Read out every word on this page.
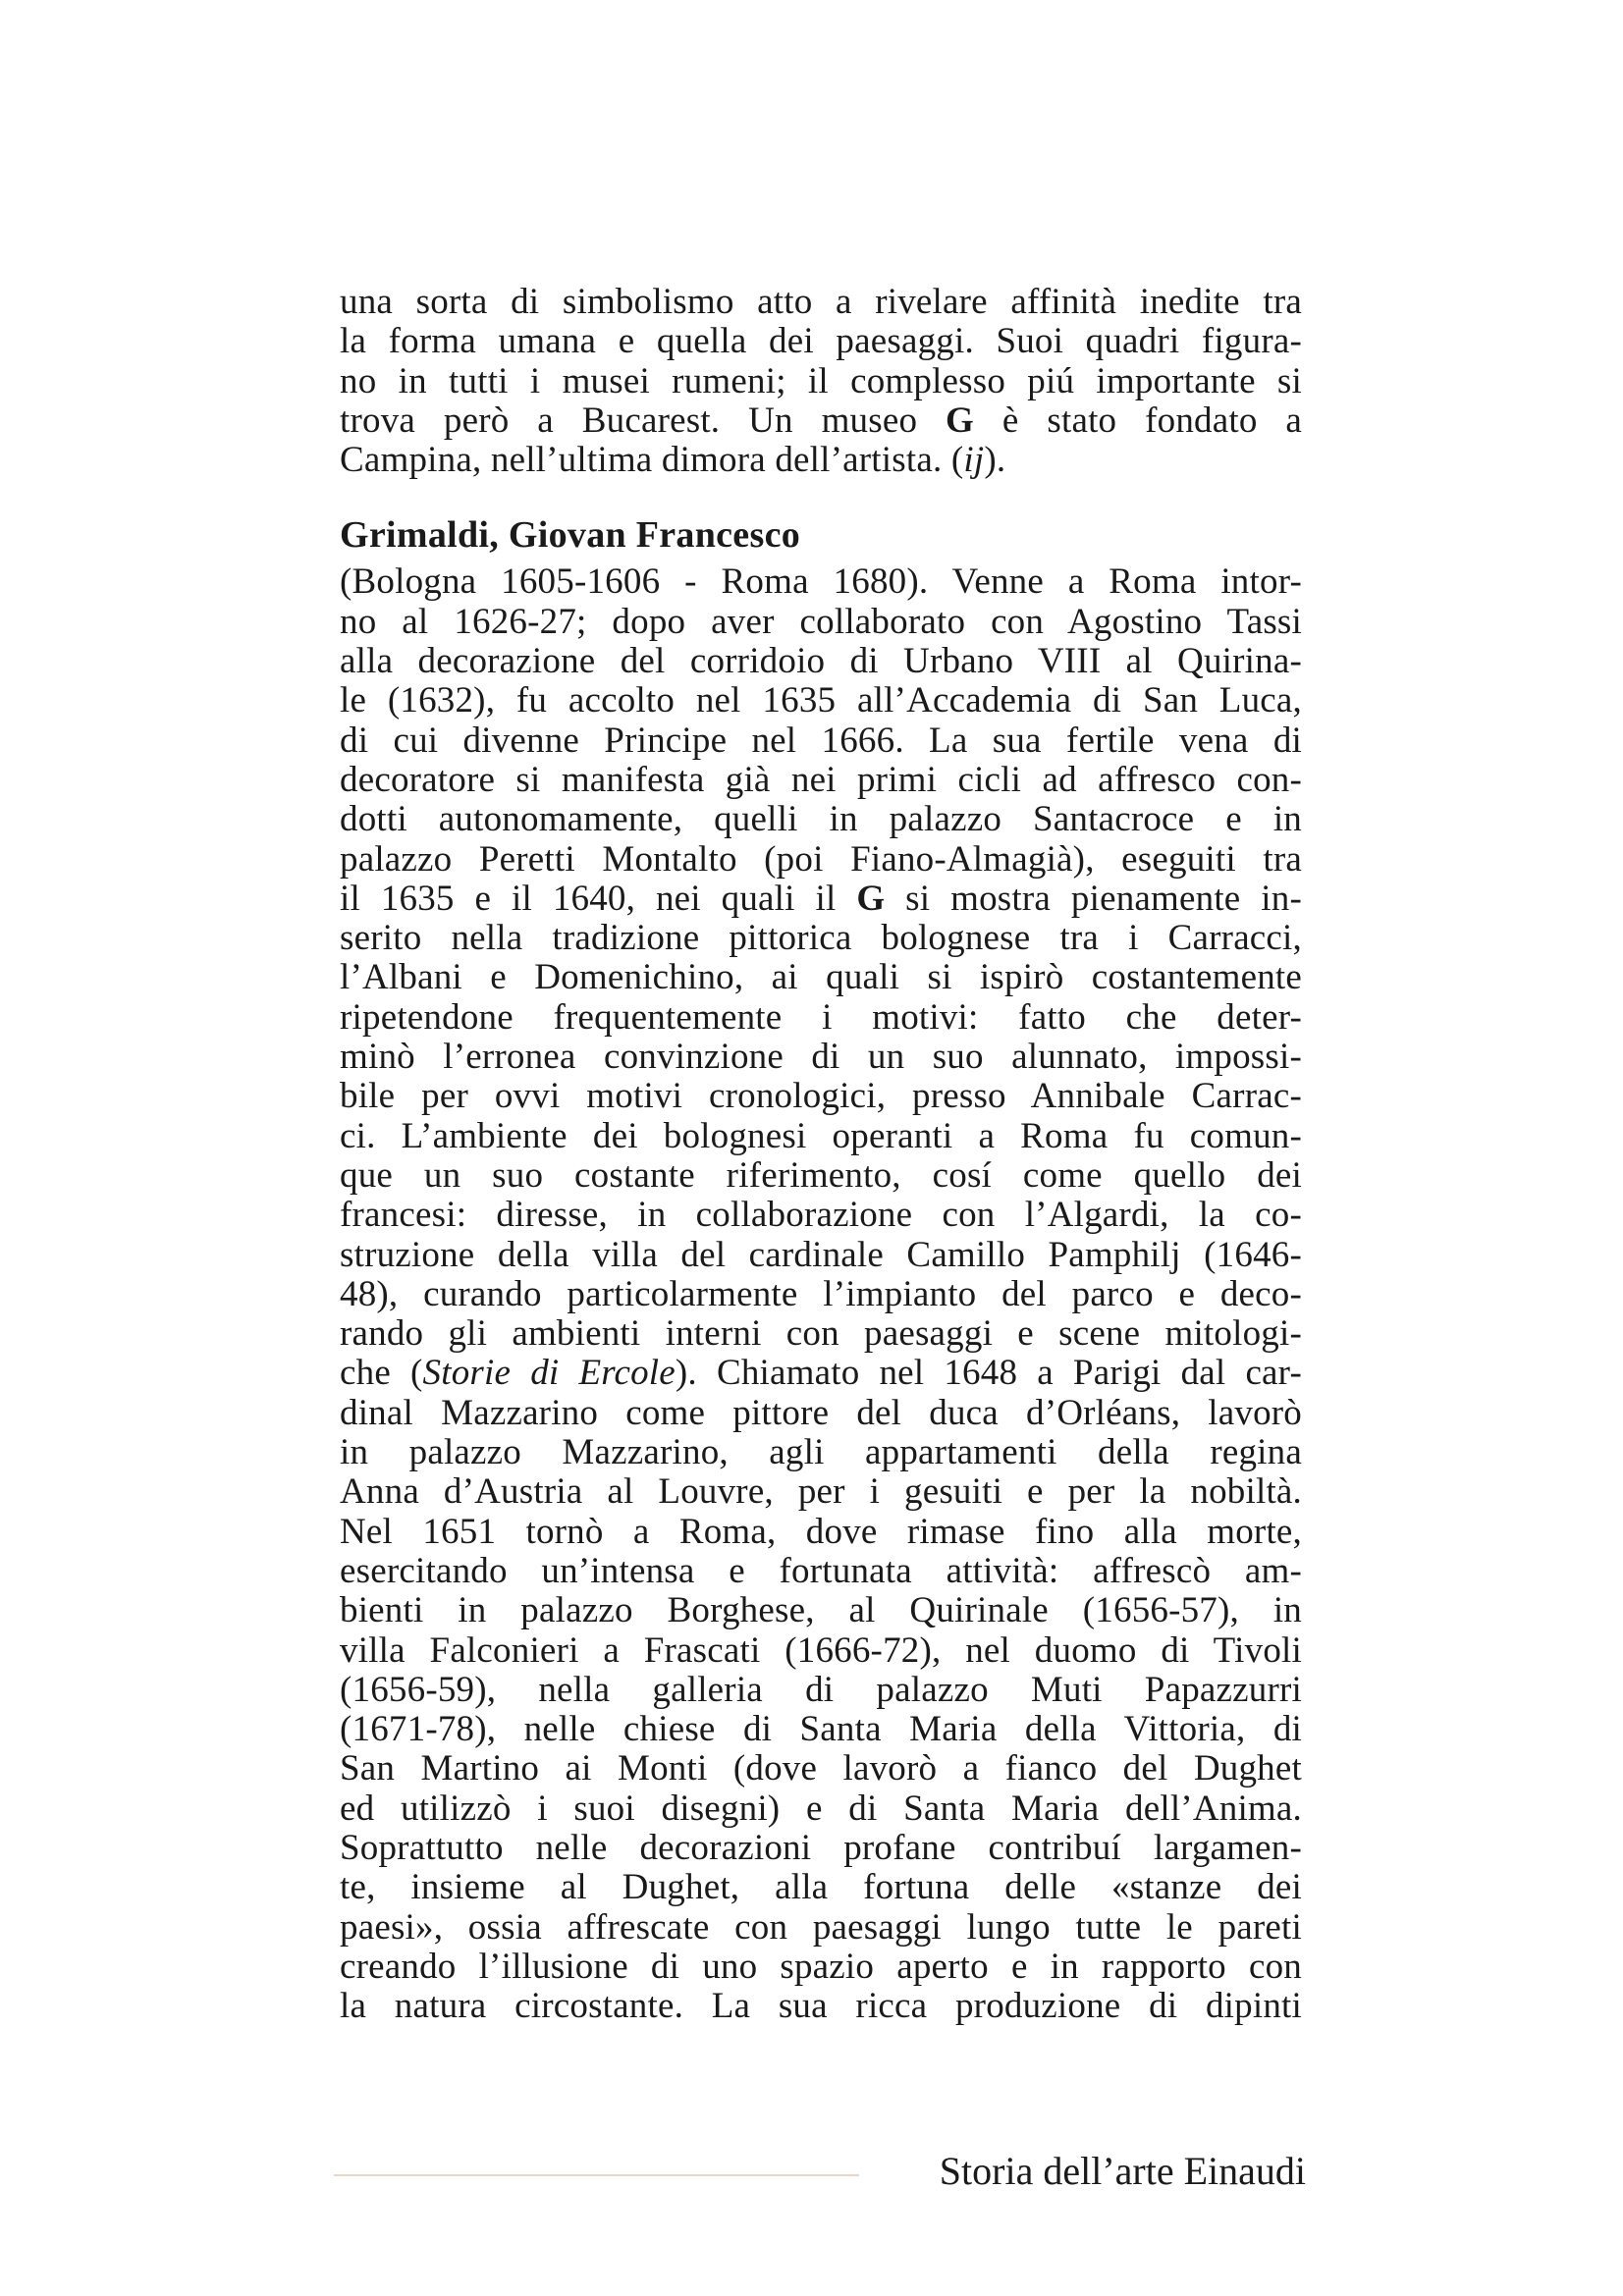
una sorta di simbolismo atto a rivelare affinità inedite tra
la forma umana e quella dei paesaggi. Suoi quadri figura-
no in tutti i musei rumeni; il complesso piú importante si
trova però a Bucarest. Un museo G è stato fondato a
Campina, nell’ultima dimora dell’artista. (ij).

Grimaldi, Giovan Francesco

(Bologna 1605-1606 - Roma 1680). Venne a Roma intor-
no al 1626-27; dopo aver collaborato con Agostino Tassi
alla decorazione del corridoio di Urbano VIII al Quirina-
le (1632), fu accolto nel 1635 all’Accademia di San Luca,
di cui divenne Principe nel 1666. La sua fertile vena di
decoratore si manifesta già nei primi cicli ad affresco con-
dotti autonomamente, quelli in palazzo Santacroce e in
palazzo Peretti Montalto (poi Fiano-Almagià), eseguiti tra
il 1635 e il 1640, nei quali il G si mostra pienamente in-
serito nella tradizione pittorica bolognese tra i Carracci,
l’Albani e Domenichino, ai quali si ispirò costantemente
ripetendone frequentemente i motivi: fatto che deter-
minò l’erronea convinzione di un suo alunnato, impossi-
bile per ovvi motivi cronologici, presso Annibale Carrac-
ci. L’ambiente dei bolognesi operanti a Roma fu comun-
que un suo costante riferimento, cosí come quello dei
francesi: diresse, in collaborazione con l’Algardi, la co-
struzione della villa del cardinale Camillo Pamphilj (1646-
48), curando particolarmente l’impianto del parco e deco-
rando gli ambienti interni con paesaggi e scene mitologi-
che (Storie di Ercole). Chiamato nel 1648 a Parigi dal car-
dinal Mazzarino come pittore del duca d’Orléans, lavorò
in palazzo Mazzarino, agli appartamenti della regina
Anna d’Austria al Louvre, per i gesuiti e per la nobiltà.
Nel 1651 tornò a Roma, dove rimase fino alla morte,
esercitando un’intensa e fortunata attività: affrescò am-
bienti in palazzo Borghese, al Quirinale (1656-57), in
villa Falconieri a Frascati (1666-72), nel duomo di Tivoli
(1656-59), nella galleria di palazzo Muti Papazzurri
(1671-78), nelle chiese di Santa Maria della Vittoria, di
San Martino ai Monti (dove lavorò a fianco del Dughet
ed utilizzò i suoi disegni) e di Santa Maria dell’Anima.
Soprattutto nelle decorazioni profane contribuí largamen-
te, insieme al Dughet, alla fortuna delle «stanze dei
paesi», ossia affrescate con paesaggi lungo tutte le pareti
creando l’illusione di uno spazio aperto e in rapporto con
la natura circostante. La sua ricca produzione di dipinti

Storia dell’arte Einaudi
